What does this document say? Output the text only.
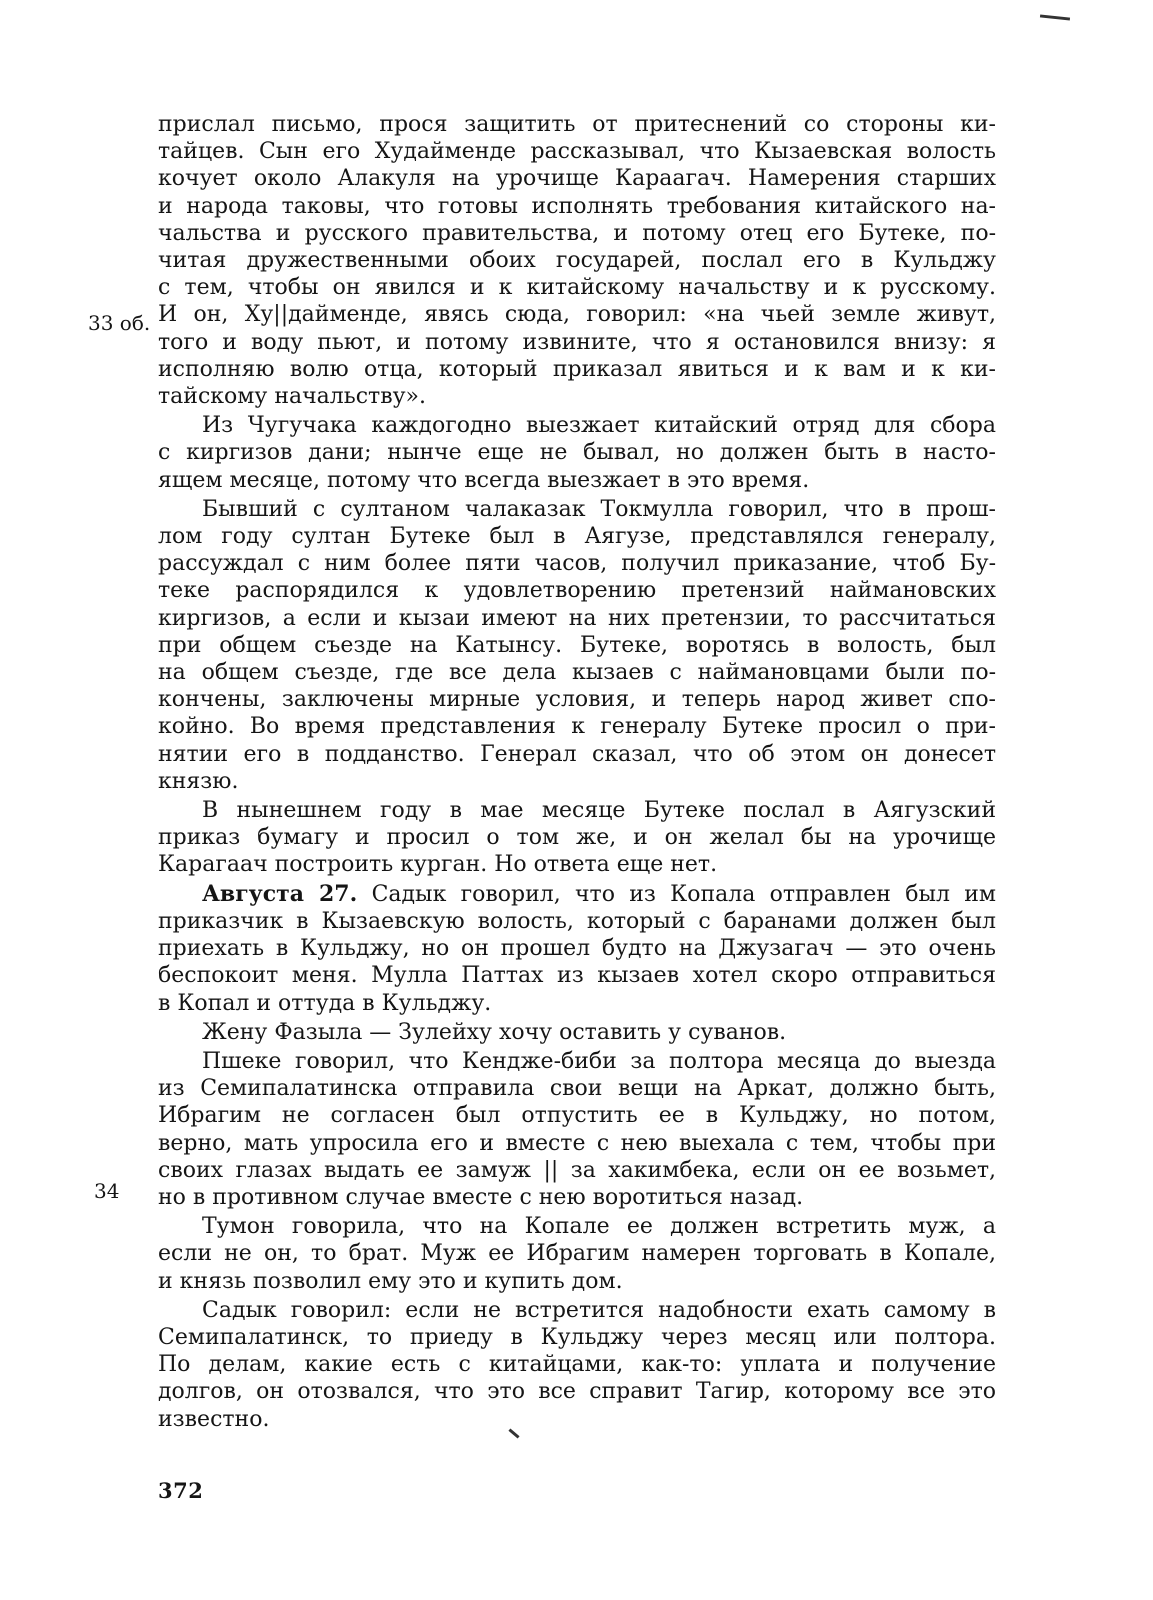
33 об.
34

прислал письмо, прося защитить от притеснений со стороны ки-
тайцев. Сын его Худайменде рассказывал, что Кызаевская волость
кочует около Алакуля на урочище Караагач. Намерения старших
и народа таковы, что готовы исполнять требования китайского на-
чальства и русского правительства, и потому отец его Бутеке, по-
читая дружественными обоих государей, послал его в Кульджу
с тем, чтобы он явился и к китайскому начальству и к русскому.
И он, Ху||дайменде, явясь сюда, говорил: «на чьей земле живут,
того и воду пьют, и потому извините, что я остановился внизу: я
исполняю волю отца, который приказал явиться и к вам и к ки-
тайскому начальству».

Из Чугучака каждогодно выезжает китайский отряд для сбора
с киргизов дани; нынче еще не бывал, но должен быть в насто-
ящем месяце, потому что всегда выезжает в это время.

Бывший с султаном чалаказак Токмулла говорил, что в прош-
лом году султан Бутеке был в Аягузе, представлялся генералу,
рассуждал с ним более пяти часов, получил приказание, чтоб Бу-
теке распорядился к удовлетворению претензий наймановских
киргизов, а если и кызаи имеют на них претензии, то рассчитаться
при общем съезде на Катынсу. Бутеке, воротясь в волость, был
на общем съезде, где все дела кызаев с наймановцами были по-
кончены, заключены мирные условия, и теперь народ живет спо-
койно. Во время представления к генералу Бутеке просил о при-
нятии его в подданство. Генерал сказал, что об этом он донесет
князю.

В нынешнем году в мае месяце Бутеке послал в Аягузский
приказ бумагу и просил о том же, и он желал бы на урочище
Карагаач построить курган. Но ответа еще нет.

Августа 27. Садык говорил, что из Копала отправлен был им
приказчик в Кызаевскую волость, который с баранами должен был
приехать в Кульджу, но он прошел будто на Джузагач — это очень
беспокоит меня. Мулла Паттах из кызаев хотел скоро отправиться
в Копал и оттуда в Кульджу.

Жену Фазыла — Зулейху хочу оставить у суванов.

Пшеке говорил, что Кендже-биби за полтора месяца до выезда
из Семипалатинска отправила свои вещи на Аркат, должно быть,
Ибрагим не согласен был отпустить ее в Кульджу, но потом,
верно, мать упросила его и вместе с нею выехала с тем, чтобы при
своих глазах выдать ее замуж || за хакимбека, если он ее возьмет,
но в противном случае вместе с нею воротиться назад.

Тумон говорила, что на Копале ее должен встретить муж, а
если не он, то брат. Муж ее Ибрагим намерен торговать в Копале,
и князь позволил ему это и купить дом.

Садык говорил: если не встретится надобности ехать самому в
Семипалатинск, то приеду в Кульджу через месяц или полтора.
По делам, какие есть с китайцами, как-то: уплата и получение
долгов, он отозвался, что это все справит Тагир, которому все это
известно.

372
